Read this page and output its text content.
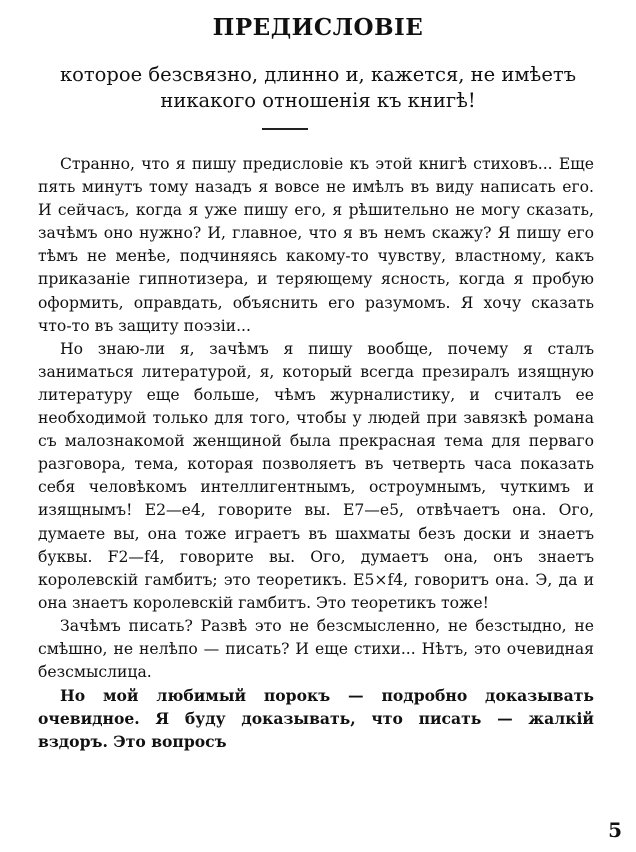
ПРЕДИСЛОВІЕ
которое безсвязно, длинно и, кажется, не имѣетъ
никакого отношенія къ книгѣ!

Странно, что я пишу предисловіе къ этой книгѣ стиховъ... Еще пять минутъ тому назадъ я вовсе не имѣлъ въ виду написать его. И сейчасъ, когда я уже пишу его, я рѣшительно не могу сказать, зачѣмъ оно нужно? И, главное, что я въ немъ скажу? Я пишу его тѣмъ не менѣе, подчиняясь какому-то чувству, властному, какъ приказаніе гипнотизера, и теряющему ясность, когда я пробую оформить, оправдать, объяснить его разумомъ. Я хочу сказать что-то въ защиту поэзіи...

Но знаю-ли я, зачѣмъ я пишу вообще, почему я сталъ заниматься литературой, я, который всегда презиралъ изящную литературу еще больше, чѣмъ журналистику, и считалъ ее необходимой только для того, чтобы у людей при завязкѣ романа съ малознакомой женщиной была прекрасная тема для перваго разговора, тема, которая позволяетъ въ четверть часа показать себя человѣкомъ интеллигентнымъ, остроумнымъ, чуткимъ и изящнымъ! Е2—е4, говорите вы. Е7—е5, отвѣчаетъ она. Ого, думаете вы, она тоже играетъ въ шахматы безъ доски и знаетъ буквы. F2—f4, говорите вы. Ого, думаетъ она, онъ знаетъ королевскій гамбитъ; это теоретикъ. E5×f4, говоритъ она. Э, да и она знаетъ королевскій гамбитъ. Это теоретикъ тоже!

Зачѣмъ писать? Развѣ это не безсмысленно, не безстыдно, не смѣшно, не нелѣпо — писать? И еще стихи... Нѣтъ, это очевидная безсмыслица.

Но мой любимый порокъ — подробно доказывать очевидное. Я буду доказывать, что писать — жалкій вздоръ. Это вопросъ

5
